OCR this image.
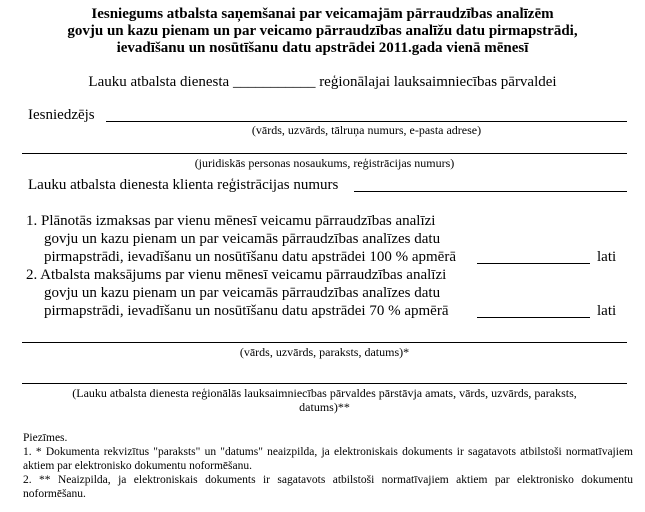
Iesniegums atbalsta saņemšanai par veicamajām pārraudzības analīzēm
govju un kazu pienam un par veicamo pārraudzības analīžu datu pirmapstrādi,
ievadīšanu un nosūtīšanu datu apstrādei 2011.gada vienā mēnesī
Lauku atbalsta dienesta ___________ reģionālajai lauksaimniecības pārvaldei
Iesniedzējs
(vārds, uzvārds, tālruņa numurs, e-pasta adrese)
(juridiskās personas nosaukums, reģistrācijas numurs)
Lauku atbalsta dienesta klienta reģistrācijas numurs
1. Plānotās izmaksas par vienu mēnesī veicamu pārraudzības analīzi
govju un kazu pienam un par veicamās pārraudzības analīzes datu
pirmapstrādi, ievadīšanu un nosūtīšanu datu apstrādei 100 % apmērā	lati
2. Atbalsta maksājums par vienu mēnesī veicamu pārraudzības analīzi
govju un kazu pienam un par veicamās pārraudzības analīzes datu
pirmapstrādi, ievadīšanu un nosūtīšanu datu apstrādei 70 % apmērā	lati
(vārds, uzvārds, paraksts, datums)*
(Lauku atbalsta dienesta reģionālās lauksaimniecības pārvaldes pārstāvja amats, vārds, uzvārds, paraksts,
datums)**
Piezīmes.
1. * Dokumenta rekvizītus "paraksts" un "datums" neaizpilda, ja elektroniskais dokuments ir sagatavots atbilstoši normatīvajiem aktiem par elektronisko dokumentu noformēšanu.
2. ** Neaizpilda, ja elektroniskais dokuments ir sagatavots atbilstoši normatīvajiem aktiem par elektronisko dokumentu noformēšanu.
